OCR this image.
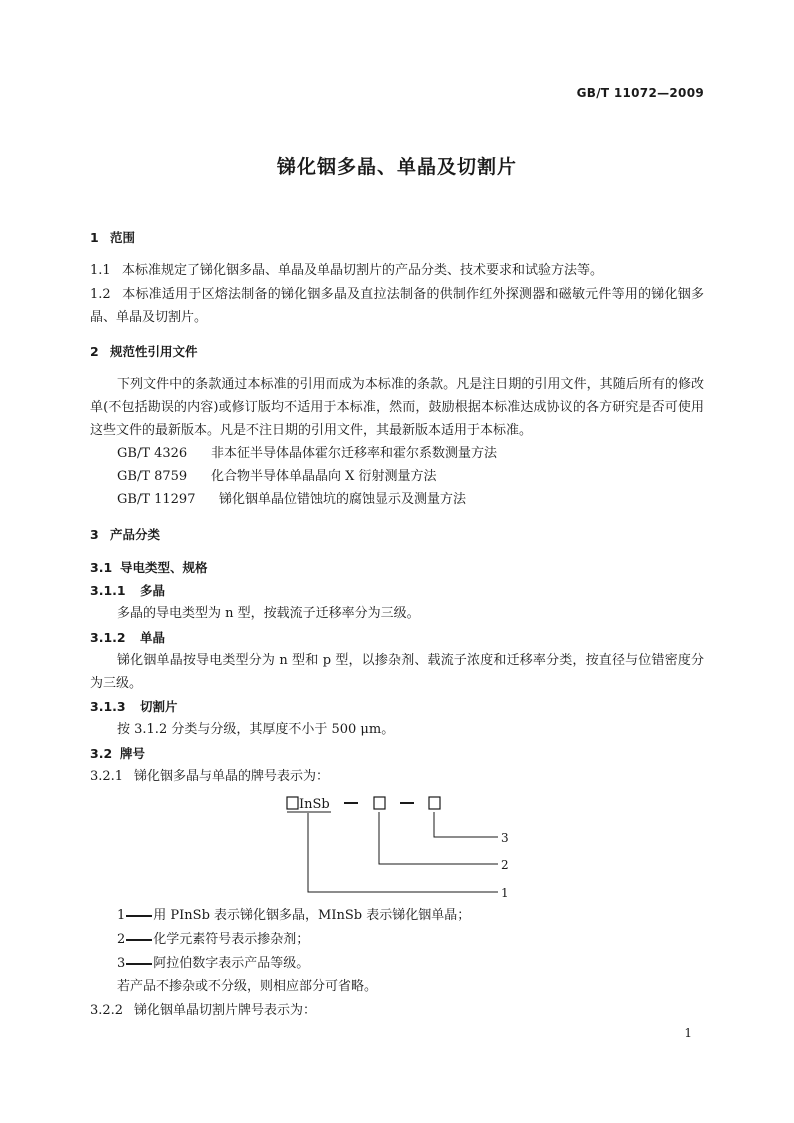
GB/T 11072—2009
锑化铟多晶、单晶及切割片
1 范围
1.1 本标准规定了锑化铟多晶、单晶及单晶切割片的产品分类、技术要求和试验方法等。
1.2 本标准适用于区熔法制备的锑化铟多晶及直拉法制备的供制作红外探测器和磁敏元件等用的锑化铟多晶、单晶及切割片。
2 规范性引用文件
下列文件中的条款通过本标准的引用而成为本标准的条款。凡是注日期的引用文件，其随后所有的修改单(不包括勘误的内容)或修订版均不适用于本标准，然而，鼓励根据本标准达成协议的各方研究是否可使用这些文件的最新版本。凡是不注日期的引用文件，其最新版本适用于本标准。
GB/T 4326 非本征半导体晶体霍尔迁移率和霍尔系数测量方法
GB/T 8759 化合物半导体单晶晶向 X 衍射测量方法
GB/T 11297 锑化铟单晶位错蚀坑的腐蚀显示及测量方法
3 产品分类
3.1 导电类型、规格
3.1.1 多晶
多晶的导电类型为 n 型，按载流子迁移率分为三级。
3.1.2 单晶
锑化铟单晶按导电类型分为 n 型和 p 型，以掺杂剂、载流子浓度和迁移率分类，按直径与位错密度分为三级。
3.1.3 切割片
按 3.1.2 分类与分级，其厚度不小于 500 μm。
3.2 牌号
3.2.1 锑化铟多晶与单晶的牌号表示为：
InSb
3
2
1
1 用 PInSb 表示锑化铟多晶，MInSb 表示锑化铟单晶；
2 化学元素符号表示掺杂剂；
3 阿拉伯数字表示产品等级。
若产品不掺杂或不分级，则相应部分可省略。
3.2.2 锑化铟单晶切割片牌号表示为：
1
